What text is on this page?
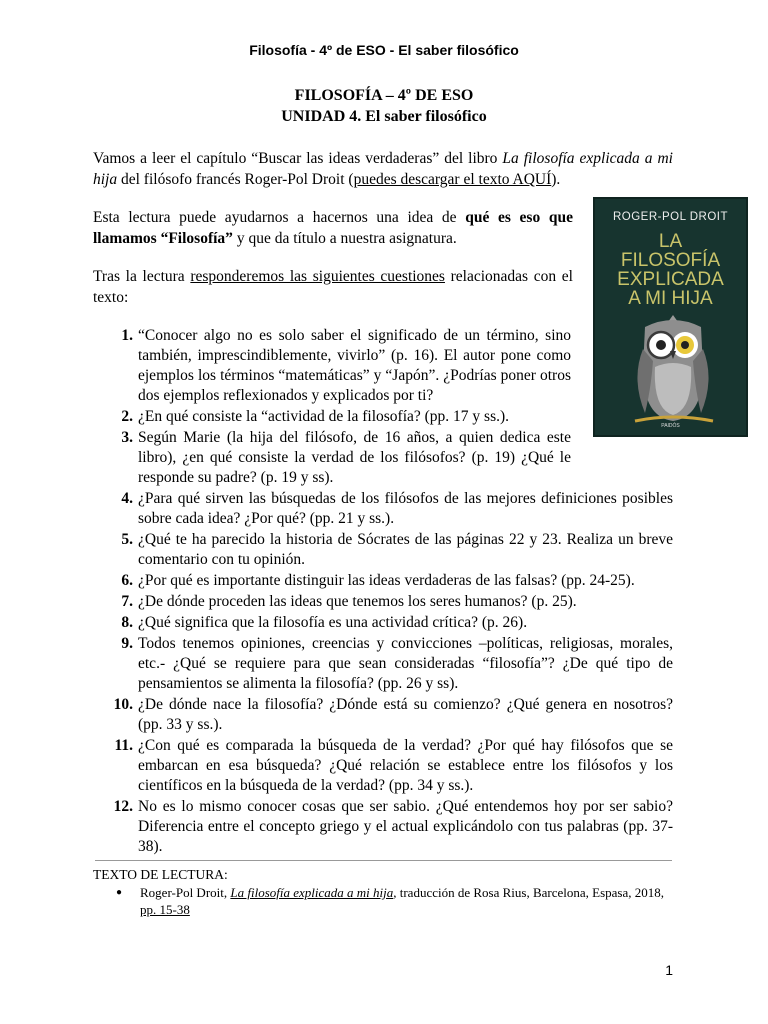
Filosofía - 4º de ESO - El saber filosófico
FILOSOFÍA – 4º DE ESO
UNIDAD 4. El saber filosófico
Vamos a leer el capítulo “Buscar las ideas verdaderas” del libro La filosofía explicada a mi hija del filósofo francés Roger-Pol Droit (puedes descargar el texto AQUÍ).
Esta lectura puede ayudarnos a hacernos una idea de qué es eso que llamamos “Filosofía” y que da título a nuestra asignatura.
Tras la lectura responderemos las siguientes cuestiones relacionadas con el texto:
1. “Conocer algo no es solo saber el significado de un término, sino también, imprescindiblemente, vivirlo” (p. 16). El autor pone como ejemplos los términos “matemáticas” y “Japón”. ¿Podrías poner otros dos ejemplos reflexionados y explicados por ti?
2. ¿En qué consiste la “actividad de la filosofía? (pp. 17 y ss.).
3. Según Marie (la hija del filósofo, de 16 años, a quien dedica este libro), ¿en qué consiste la verdad de los filósofos? (p. 19) ¿Qué le responde su padre? (p. 19 y ss).
4. ¿Para qué sirven las búsquedas de los filósofos de las mejores definiciones posibles sobre cada idea? ¿Por qué? (pp. 21 y ss.).
5. ¿Qué te ha parecido la historia de Sócrates de las páginas 22 y 23. Realiza un breve comentario con tu opinión.
6. ¿Por qué es importante distinguir las ideas verdaderas de las falsas? (pp. 24-25).
7. ¿De dónde proceden las ideas que tenemos los seres humanos? (p. 25).
8. ¿Qué significa que la filosofía es una actividad crítica? (p. 26).
9. Todos tenemos opiniones, creencias y convicciones –políticas, religiosas, morales, etc.- ¿Qué se requiere para que sean consideradas “filosofía”? ¿De qué tipo de pensamientos se alimenta la filosofía? (pp. 26 y ss).
10. ¿De dónde nace la filosofía? ¿Dónde está su comienzo? ¿Qué genera en nosotros? (pp. 33 y ss.).
11. ¿Con qué es comparada la búsqueda de la verdad? ¿Por qué hay filósofos que se embarcan en esa búsqueda? ¿Qué relación se establece entre los filósofos y los científicos en la búsqueda de la verdad? (pp. 34 y ss.).
12. No es lo mismo conocer cosas que ser sabio. ¿Qué entendemos hoy por ser sabio? Diferencia entre el concepto griego y el actual explicándolo con tus palabras (pp. 37-38).
ROGER-POL DROIT
LA
FILOSOFÍA
EXPLICADA
A MI HIJA
PAIDÓS
TEXTO DE LECTURA:
●	Roger-Pol Droit, La filosofía explicada a mi hija, traducción de Rosa Rius, Barcelona, Espasa, 2018, pp. 15-38
1
